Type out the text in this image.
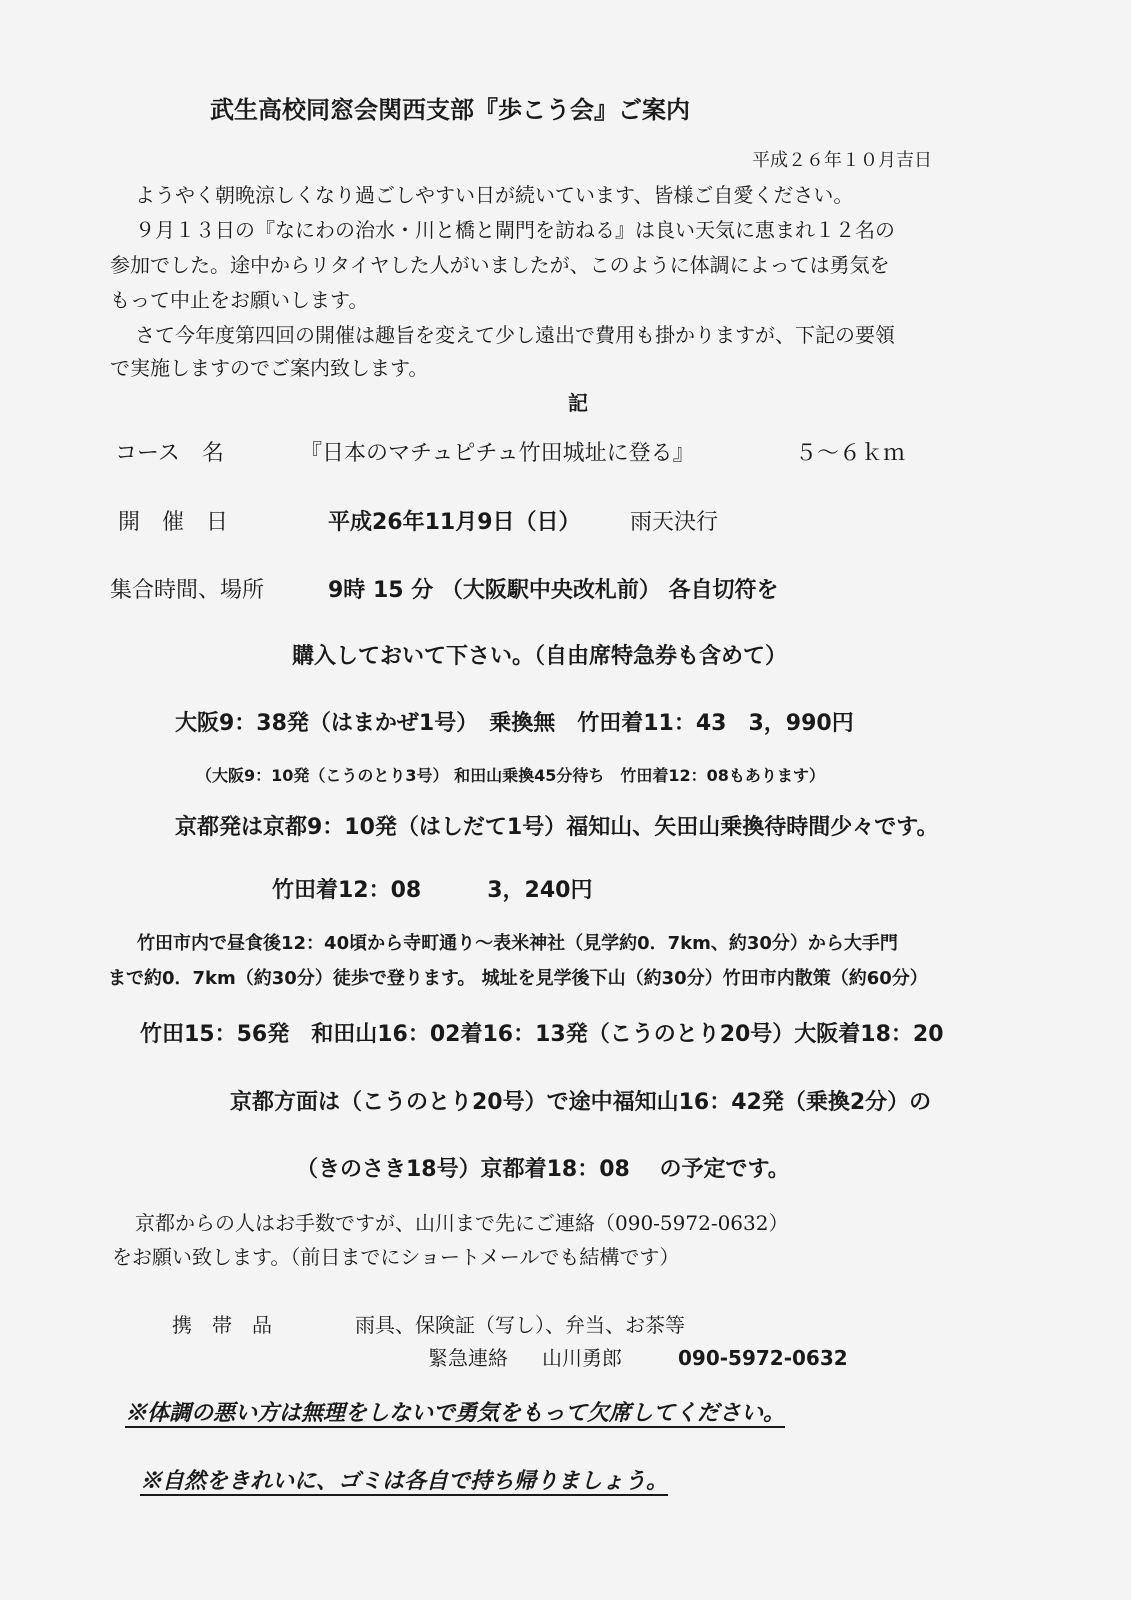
武生高校同窓会関西支部『歩こう会』ご案内
平成２６年１０月吉日
ようやく朝晩涼しくなり過ごしやすい日が続いています、皆様ご自愛ください。
９月１３日の『なにわの治水・川と橋と閘門を訪ねる』は良い天気に恵まれ１２名の
参加でした。途中からリタイヤした人がいましたが、このように体調によっては勇気を
もって中止をお願いします。
さて今年度第四回の開催は趣旨を変えて少し遠出で費用も掛かりますが、下記の要領
で実施しますのでご案内致します。
記
コース　名	『日本のマチュピチュ竹田城址に登る』	５～６ｋｍ
開　催　日	平成26年11月9日（日） 雨天決行
集合時間、場所	9時 15 分 （大阪駅中央改札前） 各自切符を
購入しておいて下さい。（自由席特急券も含めて）
大阪9：38発（はまかぜ1号）　乗換無　竹田着11：43　3，990円
（大阪9：10発（こうのとり3号） 和田山乗換45分待ち　竹田着12：08もあります）
京都発は京都9：10発（はしだて1号）福知山、矢田山乗換待時間少々です。
竹田着12：08　　　3，240円
竹田市内で昼食後12：40頃から寺町通り～表米神社（見学約0．7km、約30分）から大手門
まで約0．7km（約30分）徒歩で登ります。 城址を見学後下山（約30分）竹田市内散策（約60分）
竹田15：56発　和田山16：02着16：13発（こうのとり20号）大阪着18：20
京都方面は（こうのとり20号）で途中福知山16：42発（乗換2分）の
（きのさき18号）京都着18：08　 の予定です。
京都からの人はお手数ですが、山川まで先にご連絡（090-5972-0632）
をお願い致します。（前日までにショートメールでも結構です）
携　帯　品	雨具、保険証（写し）、弁当、お茶等
緊急連絡 山川勇郎	090-5972-0632
※体調の悪い方は無理をしないで勇気をもって欠席してください。
※自然をきれいに、ゴミは各自で持ち帰りましょう。
